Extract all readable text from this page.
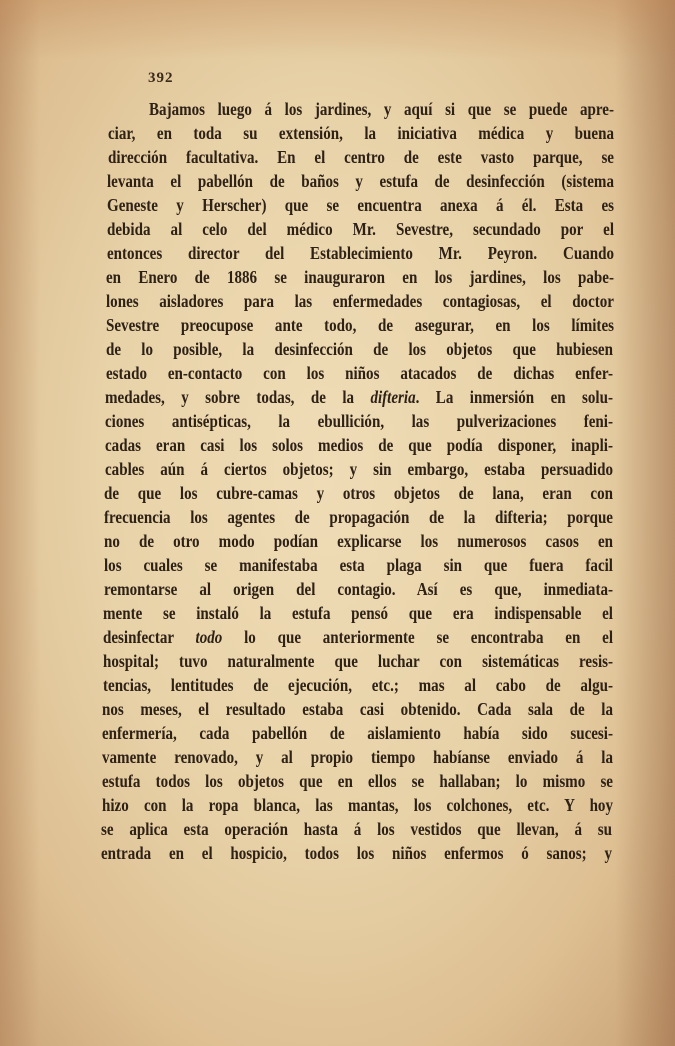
392
Bajamos luego á los jardines, y aquí si que se puede apre-
ciar, en toda su extensión, la iniciativa médica y buena
dirección facultativa. En el centro de este vasto parque, se
levanta el pabellón de baños y estufa de desinfección (sistema
Geneste y Herscher) que se encuentra anexa á él. Esta es
debida al celo del médico Mr. Sevestre, secundado por el
entonces director del Establecimiento Mr. Peyron. Cuando
en Enero de 1886 se inauguraron en los jardines, los pabe-
lones aisladores para las enfermedades contagiosas, el doctor
Sevestre preocupose ante todo, de asegurar, en los límites
de lo posible, la desinfección de los objetos que hubiesen
estado en-contacto con los niños atacados de dichas enfer-
medades, y sobre todas, de la difteria. La inmersión en solu-
ciones antisépticas, la ebullición, las pulverizaciones feni-
cadas eran casi los solos medios de que podía disponer, inapli-
cables aún á ciertos objetos; y sin embargo, estaba persuadido
de que los cubre-camas y otros objetos de lana, eran con
frecuencia los agentes de propagación de la difteria; porque
no de otro modo podían explicarse los numerosos casos en
los cuales se manifestaba esta plaga sin que fuera facil
remontarse al origen del contagio. Así es que, inmediata-
mente se instaló la estufa pensó que era indispensable el
desinfectar todo lo que anteriormente se encontraba en el
hospital; tuvo naturalmente que luchar con sistemáticas resis-
tencias, lentitudes de ejecución, etc.; mas al cabo de algu-
nos meses, el resultado estaba casi obtenido. Cada sala de la
enfermería, cada pabellón de aislamiento había sido sucesi-
vamente renovado, y al propio tiempo habíanse enviado á la
estufa todos los objetos que en ellos se hallaban; lo mismo se
hizo con la ropa blanca, las mantas, los colchones, etc. Y hoy
se aplica esta operación hasta á los vestidos que llevan, á su
entrada en el hospicio, todos los niños enfermos ó sanos; y
